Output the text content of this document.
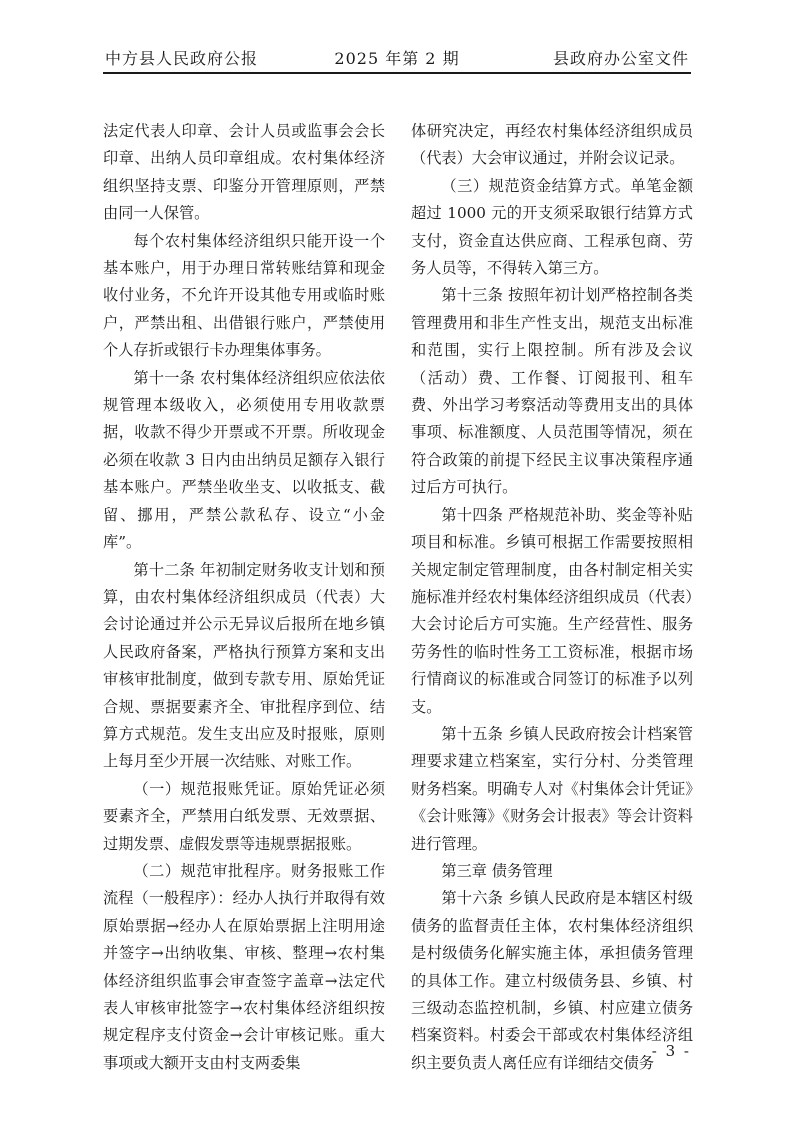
中方县人民政府公报	2025 年第 2 期	县政府办公室文件

法定代表人印章、会计人员或监事会会长印章、出纳人员印章组成。农村集体经济组织坚持支票、印鉴分开管理原则，严禁由同一人保管。

每个农村集体经济组织只能开设一个基本账户，用于办理日常转账结算和现金收付业务，不允许开设其他专用或临时账户，严禁出租、出借银行账户，严禁使用个人存折或银行卡办理集体事务。

第十一条 农村集体经济组织应依法依规管理本级收入，必须使用专用收款票据，收款不得少开票或不开票。所收现金必须在收款 3 日内由出纳员足额存入银行基本账户。严禁坐收坐支、以收抵支、截留、挪用，严禁公款私存、设立“小金库”。

第十二条 年初制定财务收支计划和预算，由农村集体经济组织成员（代表）大会讨论通过并公示无异议后报所在地乡镇人民政府备案，严格执行预算方案和支出审核审批制度，做到专款专用、原始凭证合规、票据要素齐全、审批程序到位、结算方式规范。发生支出应及时报账，原则上每月至少开展一次结账、对账工作。

（一）规范报账凭证。原始凭证必须要素齐全，严禁用白纸发票、无效票据、过期发票、虚假发票等违规票据报账。

（二）规范审批程序。财务报账工作流程（一般程序）：经办人执行并取得有效原始票据→经办人在原始票据上注明用途并签字→出纳收集、审核、整理→农村集体经济组织监事会审查签字盖章→法定代表人审核审批签字→农村集体经济组织按规定程序支付资金→会计审核记账。重大事项或大额开支由村支两委集

体研究决定，再经农村集体经济组织成员（代表）大会审议通过，并附会议记录。

（三）规范资金结算方式。单笔金额超过 1000 元的开支须采取银行结算方式支付，资金直达供应商、工程承包商、劳务人员等，不得转入第三方。

第十三条 按照年初计划严格控制各类管理费用和非生产性支出，规范支出标准和范围，实行上限控制。所有涉及会议（活动）费、工作餐、订阅报刊、租车费、外出学习考察活动等费用支出的具体事项、标准额度、人员范围等情况，须在符合政策的前提下经民主议事决策程序通过后方可执行。

第十四条 严格规范补助、奖金等补贴项目和标准。乡镇可根据工作需要按照相关规定制定管理制度，由各村制定相关实施标准并经农村集体经济组织成员（代表）大会讨论后方可实施。生产经营性、服务劳务性的临时性务工工资标准，根据市场行情商议的标准或合同签订的标准予以列支。

第十五条 乡镇人民政府按会计档案管理要求建立档案室，实行分村、分类管理财务档案。明确专人对《村集体会计凭证》《会计账簿》《财务会计报表》等会计资料进行管理。

第三章 债务管理

第十六条 乡镇人民政府是本辖区村级债务的监督责任主体，农村集体经济组织是村级债务化解实施主体，承担债务管理的具体工作。建立村级债务县、乡镇、村三级动态监控机制，乡镇、村应建立债务档案资料。村委会干部或农村集体经济组织主要负责人离任应有详细结交债务

- 3 -
